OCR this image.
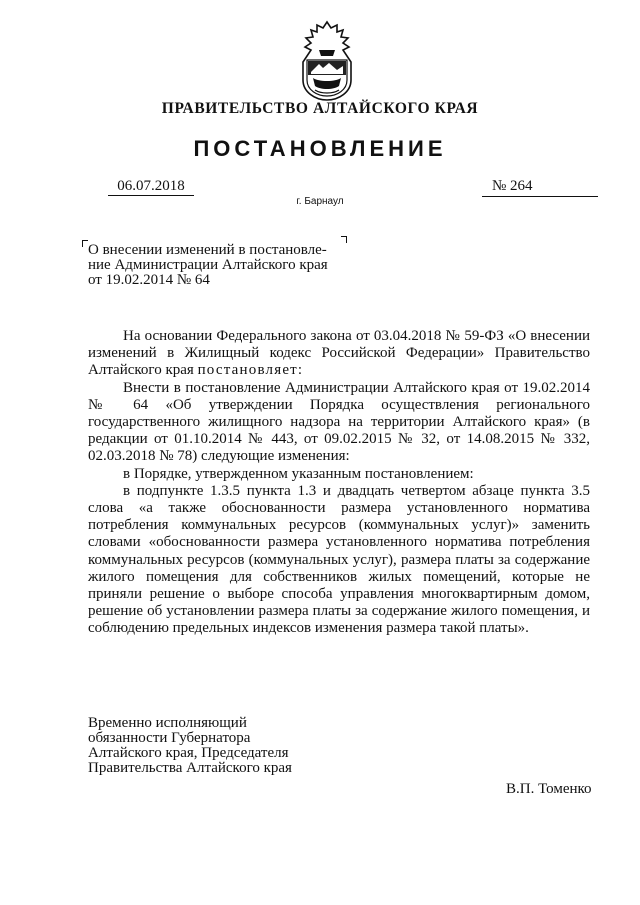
ПРАВИТЕЛЬСТВО АЛТАЙСКОГО КРАЯ
ПОСТАНОВЛЕНИЕ
06.07.2018	№ 264
г. Барнаул
О внесении изменений в постановле-
ние Администрации Алтайского края
от 19.02.2014 № 64

На основании Федерального закона от 03.04.2018 № 59-ФЗ «О внесении изменений в Жилищный кодекс Российской Федерации» Правительство Алтайского края постановляет:

Внести в постановление Администрации Алтайского края от 19.02.2014 № 64 «Об утверждении Порядка осуществления регионального государственного жилищного надзора на территории Алтайского края» (в редакции от 01.10.2014 № 443, от 09.02.2015 № 32, от 14.08.2015 № 332, 02.03.2018 № 78) следующие изменения:

в Порядке, утвержденном указанным постановлением:

в подпункте 1.3.5 пункта 1.3 и двадцать четвертом абзаце пункта 3.5 слова «а также обоснованности размера установленного норматива потребления коммунальных ресурсов (коммунальных услуг)» заменить словами «обоснованности размера установленного норматива потребления коммунальных ресурсов (коммунальных услуг), размера платы за содержание жилого помещения для собственников жилых помещений, которые не приняли решение о выборе способа управления многоквартирным домом, решение об установлении размера платы за содержание жилого помещения, и соблюдению предельных индексов изменения размера такой платы».

Временно исполняющий
обязанности Губернатора
Алтайского края, Председателя
Правительства Алтайского края
В.П. Томенко
